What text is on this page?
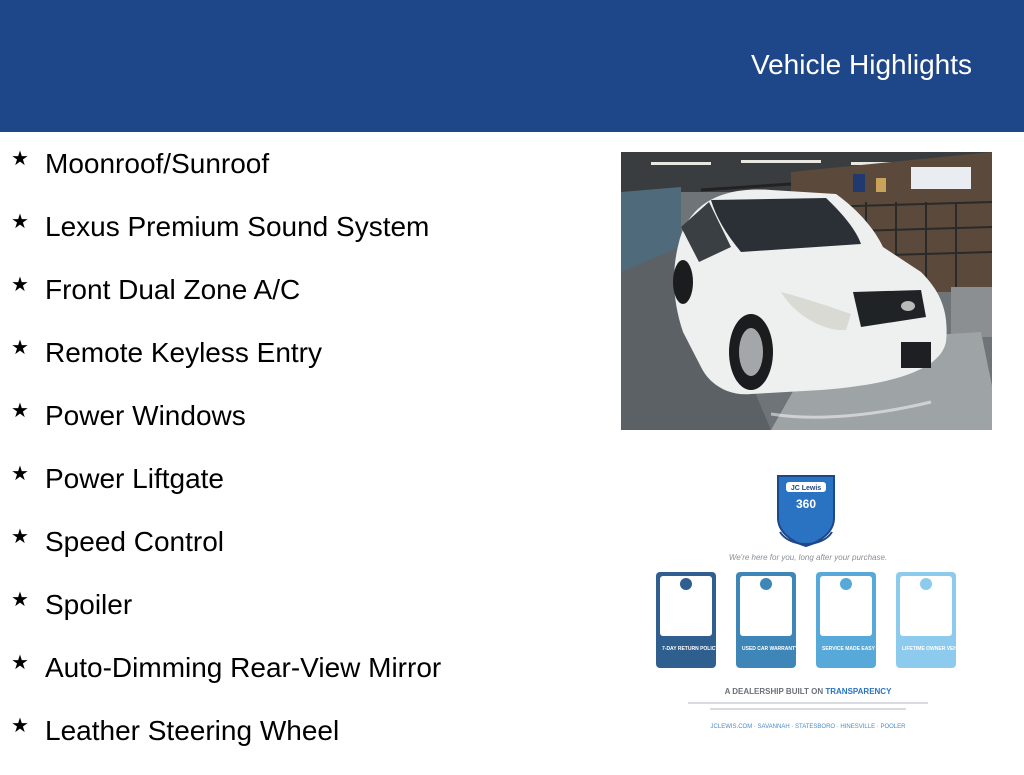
Vehicle Highlights
★ Moonroof/Sunroof
★ Lexus Premium Sound System
★ Front Dual Zone A/C
★ Remote Keyless Entry
★ Power Windows
★ Power Liftgate
★ Speed Control
★ Spoiler
★ Auto-Dimming Rear-View Mirror
★ Leather Steering Wheel
JC Lewis
360
We're here for you, long after your purchase.
7-DAY RETURN POLICY	USED CAR WARRANTY	SERVICE MADE EASY	LIFETIME OWNER VEHICLE
A DEALERSHIP BUILT ON TRANSPARENCY
JCLEWIS.COM · SAVANNAH · STATESBORO · HINESVILLE · POOLER
